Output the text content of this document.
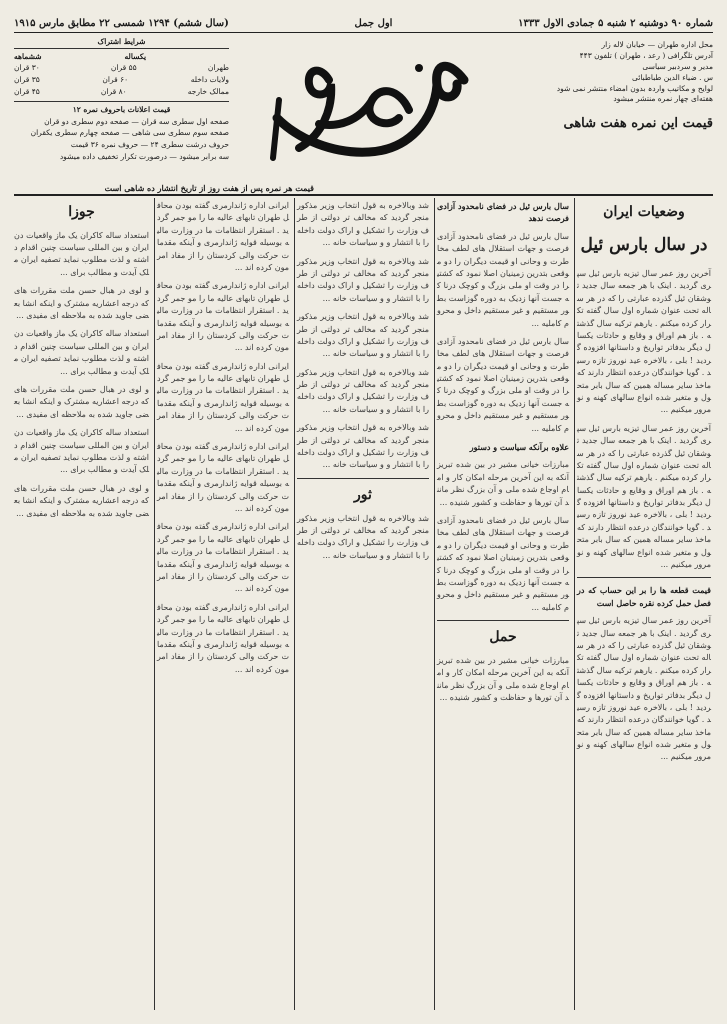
شماره ۹۰ دوشنبه ۲ شنبه ۵ جمادی الاول ۱۳۳۳
اول جمل
(سال ششم) ۱۲۹۴ شمسی ۲۲ مطابق مارس ۱۹۱۵
محل اداره طهران — خیابان لاله زار
آدرس تلگرافی ( رعد ، طهران ) تلفون ۴۴۳
مدیر و سردبیر سیاسی
س . ضیاء الدین طباطبائی
لوایح و مکاتیب واردہ بدون امضاء منتشر نمی شود
هفته‌ای چهار نمره منتشر میشود
قیمت این نمره هفت شاهی
شرایط اشتراک
یکساله
ششماهه
طهران
۵۵ قران
۳۰ قران
ولایات داخله
۶۰ قران
۳۵ قران
ممالک خارجه
۸۰ قران
۴۵ قران
قیمت اعلانات باحروف نمره ۱۲
صفحه اول سطری سه قران — صفحه دوم سطری دو قران
صفحه سوم سطری سی شاهی — صفحه چهارم سطری یکقران
حروف درشت سطری ۲۴ — حروف نمره ۳۶ قیمت
سه برابر میشود — درصورت تکرار تخفیف داده میشود
قیمت هر نمره پس از هفت روز از تاریخ انتشار ده شاهی است
وضعیات ایران
در سال بارس ئیل

آخرین روز عمر سال تیزیه بارس ئیل سپری گردید . اینک با هر جمعه سال جدید توشقان ئیل گذرده عبارتی را که در هر ساله تحت عنوان شماره اول سال گفته تکرار کرده میکنم . یارهم ترکیه سال گذشته . باز هم اوراق و وقایع و حادثات یکسال دیگر بدفاتر تواریخ و داستانها افزوده گردید ! بلی ، بالاخره عید نوروز تازه رسید . گویا خوانندگان درعده انتظار دارند که ماخذ سایر مساله همین که سال بابر متحول و متغیر شده انواع سالهای کهنه و نو مرور میکنیم ...

آخرین روز عمر سال تیزیه بارس ئیل سپری گردید . اینک با هر جمعه سال جدید توشقان ئیل گذرده عبارتی را که در هر ساله تحت عنوان شماره اول سال گفته تکرار کرده میکنم . یارهم ترکیه سال گذشته . باز هم اوراق و وقایع و حادثات یکسال دیگر بدفاتر تواریخ و داستانها افزوده گردید ! بلی ، بالاخره عید نوروز تازه رسید . گویا خوانندگان درعده انتظار دارند که ماخذ سایر مساله همین که سال بابر متحول و متغیر شده انواع سالهای کهنه و نو مرور میکنیم ...

قیمت قطعه ها را بر این حساب که در فصل حمل کرده نقره حاصل است

آخرین روز عمر سال تیزیه بارس ئیل سپری گردید . اینک با هر جمعه سال جدید توشقان ئیل گذرده عبارتی را که در هر ساله تحت عنوان شماره اول سال گفته تکرار کرده میکنم . یارهم ترکیه سال گذشته . باز هم اوراق و وقایع و حادثات یکسال دیگر بدفاتر تواریخ و داستانها افزوده گردید ! بلی ، بالاخره عید نوروز تازه رسید . گویا خوانندگان درعده انتظار دارند که ماخذ سایر مساله همین که سال بابر متحول و متغیر شده انواع سالهای کهنه و نو مرور میکنیم ...

سال بارس ئیل در فضای نامحدود آزادی فرصت ندهد

سال بارس ئیل در فضای نامحدود آزادی فرصت و جهات استقلال های لطف مخاطرت و وحانی او قیمت دیگران را دو موقعی بتدرین زمینیان اصلا نمود که کشتیرا در وقت او ملی بزرگ و کوچک درنا که جست آنها زدیک به دوره گوزاست بطور مستقیم و غیر مستقیم داخل و محروم کاملیه ...

سال بارس ئیل در فضای نامحدود آزادی فرصت و جهات استقلال های لطف مخاطرت و وحانی او قیمت دیگران را دو موقعی بتدرین زمینیان اصلا نمود که کشتیرا در وقت او ملی بزرگ و کوچک درنا که جست آنها زدیک به دوره گوزاست بطور مستقیم و غیر مستقیم داخل و محروم کاملیه ...

علاوه برآنکه سیاست و دستور

مبارزات خیانی مشیر در بین شده تبریز آنکه به این آخرین مرحله امکان کار و امام اوجاع شده ملی و آن بزرگ نظر مانند آن تورها و حفاظت و کشور شنیده ...

سال بارس ئیل در فضای نامحدود آزادی فرصت و جهات استقلال های لطف مخاطرت و وحانی او قیمت دیگران را دو موقعی بتدرین زمینیان اصلا نمود که کشتیرا در وقت او ملی بزرگ و کوچک درنا که جست آنها زدیک به دوره گوزاست بطور مستقیم و غیر مستقیم داخل و محروم کاملیه ...

حمل

مبارزات خیانی مشیر در بین شده تبریز آنکه به این آخرین مرحله امکان کار و امام اوجاع شده ملی و آن بزرگ نظر مانند آن تورها و حفاظت و کشور شنیده ...

شد وبالاخره به قول انتخاب وزیر مذکور منجر گردید که مخالف تر دولتی از طرف وزارت را تشکیل و اراک دولت داخله را با انتشار و و سیاسات خانه ...

شد وبالاخره به قول انتخاب وزیر مذکور منجر گردید که مخالف تر دولتی از طرف وزارت را تشکیل و اراک دولت داخله را با انتشار و و سیاسات خانه ...

شد وبالاخره به قول انتخاب وزیر مذکور منجر گردید که مخالف تر دولتی از طرف وزارت را تشکیل و اراک دولت داخله را با انتشار و و سیاسات خانه ...

شد وبالاخره به قول انتخاب وزیر مذکور منجر گردید که مخالف تر دولتی از طرف وزارت را تشکیل و اراک دولت داخله را با انتشار و و سیاسات خانه ...

شد وبالاخره به قول انتخاب وزیر مذکور منجر گردید که مخالف تر دولتی از طرف وزارت را تشکیل و اراک دولت داخله را با انتشار و و سیاسات خانه ...

ثور

شد وبالاخره به قول انتخاب وزیر مذکور منجر گردید که مخالف تر دولتی از طرف وزارت را تشکیل و اراک دولت داخله را با انتشار و و سیاسات خانه ...

ایرانی اداره ژاندارمری گفته بودن محافل طهران تابهای عالیه ما را مو جمر گردید . استقرار انتظامات ما در وزارت مالیه بوسیله قوایه ژاندارمری و آینکه مقدمات حرکت والی کردستان را از مفاد امرمون کرده اند ...

ایرانی اداره ژاندارمری گفته بودن محافل طهران تابهای عالیه ما را مو جمر گردید . استقرار انتظامات ما در وزارت مالیه بوسیله قوایه ژاندارمری و آینکه مقدمات حرکت والی کردستان را از مفاد امرمون کرده اند ...

ایرانی اداره ژاندارمری گفته بودن محافل طهران تابهای عالیه ما را مو جمر گردید . استقرار انتظامات ما در وزارت مالیه بوسیله قوایه ژاندارمری و آینکه مقدمات حرکت والی کردستان را از مفاد امرمون کرده اند ...

ایرانی اداره ژاندارمری گفته بودن محافل طهران تابهای عالیه ما را مو جمر گردید . استقرار انتظامات ما در وزارت مالیه بوسیله قوایه ژاندارمری و آینکه مقدمات حرکت والی کردستان را از مفاد امرمون کرده اند ...

ایرانی اداره ژاندارمری گفته بودن محافل طهران تابهای عالیه ما را مو جمر گردید . استقرار انتظامات ما در وزارت مالیه بوسیله قوایه ژاندارمری و آینکه مقدمات حرکت والی کردستان را از مفاد امرمون کرده اند ...

ایرانی اداره ژاندارمری گفته بودن محافل طهران تابهای عالیه ما را مو جمر گردید . استقرار انتظامات ما در وزارت مالیه بوسیله قوایه ژاندارمری و آینکه مقدمات حرکت والی کردستان را از مفاد امرمون کرده اند ...

جوزا

استعداد ساله کاکران یک ماز واقعیات دن ایران و بین المللی سیاست چنین اقدام داشته و لذت مطلوب نماید تصفیه ایران ملک آیدت و مطالب برای ...

و لوی در هبال حسن ملت مقررات های که درجه اعشاریه مشترک و اینکه انشا بعضی جاوید شده به ملاحظه ای مفیدی ...

استعداد ساله کاکران یک ماز واقعیات دن ایران و بین المللی سیاست چنین اقدام داشته و لذت مطلوب نماید تصفیه ایران ملک آیدت و مطالب برای ...

و لوی در هبال حسن ملت مقررات های که درجه اعشاریه مشترک و اینکه انشا بعضی جاوید شده به ملاحظه ای مفیدی ...

استعداد ساله کاکران یک ماز واقعیات دن ایران و بین المللی سیاست چنین اقدام داشته و لذت مطلوب نماید تصفیه ایران ملک آیدت و مطالب برای ...

و لوی در هبال حسن ملت مقررات های که درجه اعشاریه مشترک و اینکه انشا بعضی جاوید شده به ملاحظه ای مفیدی ...
